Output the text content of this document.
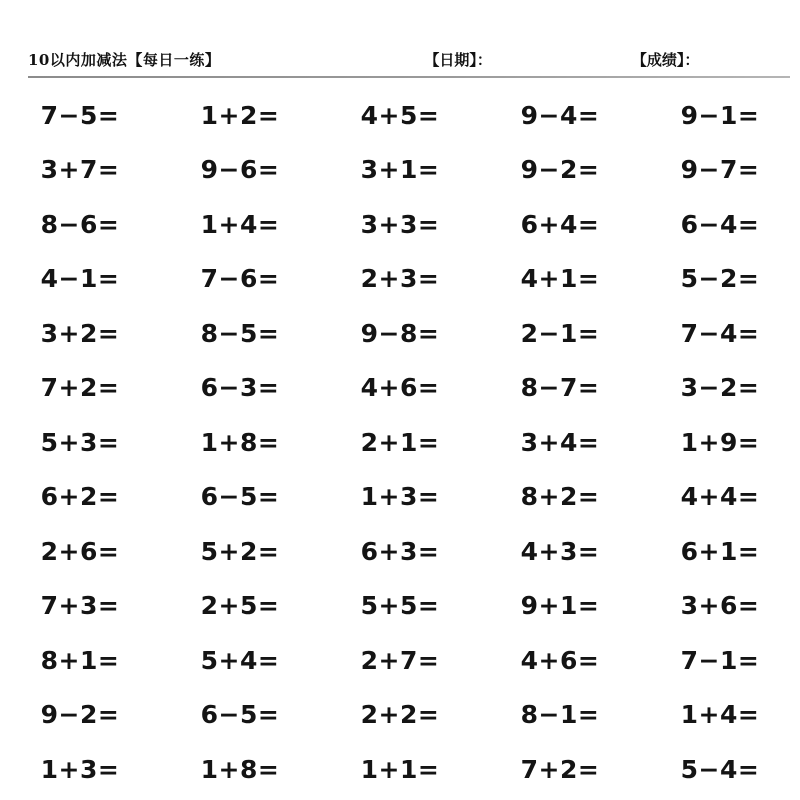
10以内加减法【每日一练】	【日期】：	【成绩】：
7−5=	1+2=	4+5=	9−4=	9−1=
3+7=	9−6=	3+1=	9−2=	9−7=
8−6=	1+4=	3+3=	6+4=	6−4=
4−1=	7−6=	2+3=	4+1=	5−2=
3+2=	8−5=	9−8=	2−1=	7−4=
7+2=	6−3=	4+6=	8−7=	3−2=
5+3=	1+8=	2+1=	3+4=	1+9=
6+2=	6−5=	1+3=	8+2=	4+4=
2+6=	5+2=	6+3=	4+3=	6+1=
7+3=	2+5=	5+5=	9+1=	3+6=
8+1=	5+4=	2+7=	4+6=	7−1=
9−2=	6−5=	2+2=	8−1=	1+4=
1+3=	1+8=	1+1=	7+2=	5−4=
